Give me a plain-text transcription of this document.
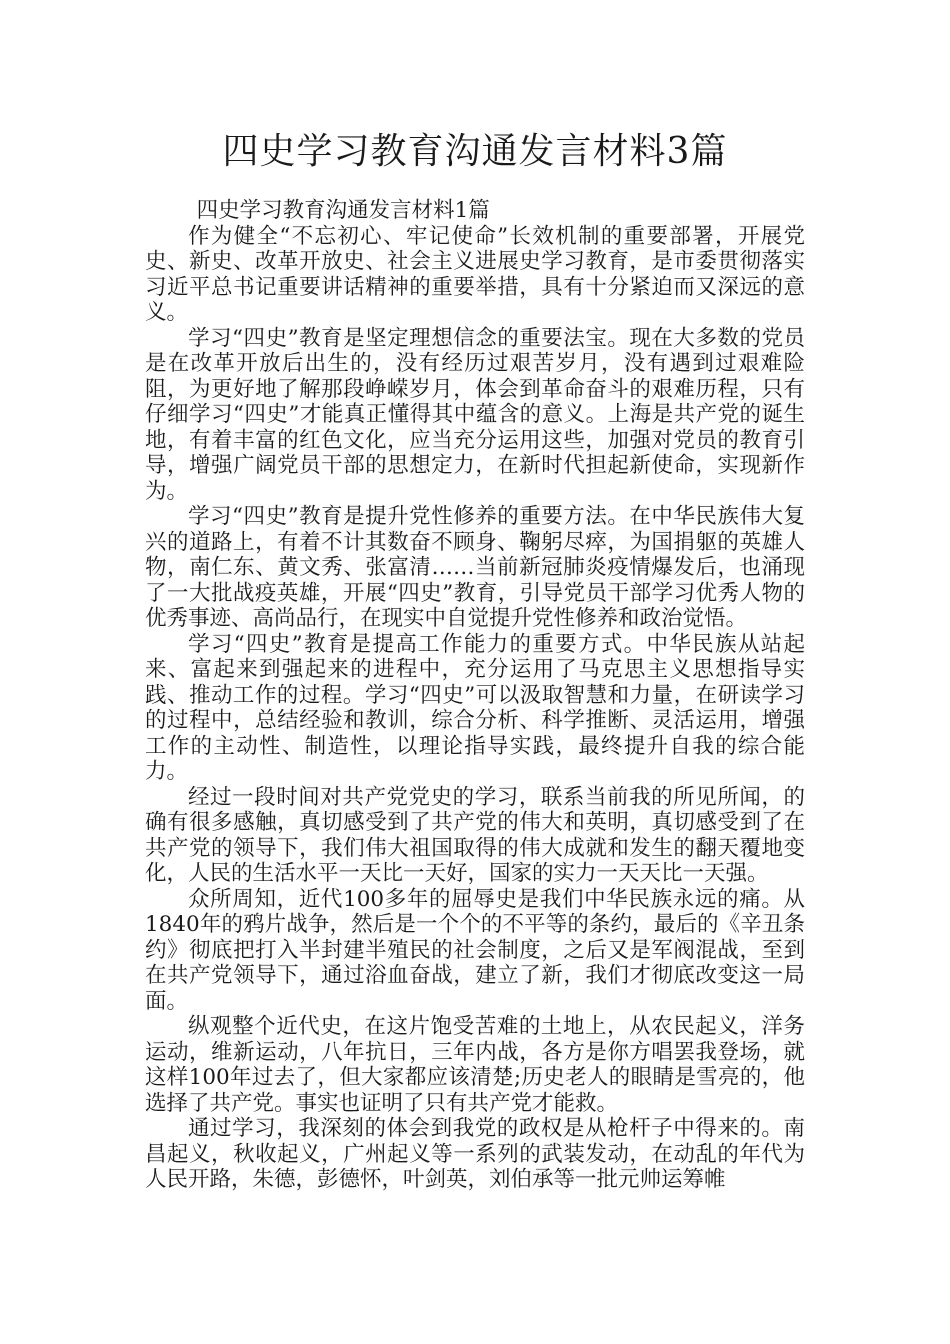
四史学习教育沟通发言材料3篇

四史学习教育沟通发言材料1篇

作为健全“不忘初心、牢记使命”长效机制的重要部署，开展党史、新史、改革开放史、社会主义进展史学习教育，是市委贯彻落实习近平总书记重要讲话精神的重要举措，具有十分紧迫而又深远的意义。

学习“四史”教育是坚定理想信念的重要法宝。现在大多数的党员是在改革开放后出生的，没有经历过艰苦岁月，没有遇到过艰难险阻，为更好地了解那段峥嵘岁月，体会到革命奋斗的艰难历程，只有仔细学习“四史”才能真正懂得其中蕴含的意义。上海是共产党的诞生地，有着丰富的红色文化，应当充分运用这些，加强对党员的教育引导，增强广阔党员干部的思想定力，在新时代担起新使命，实现新作为。

学习“四史”教育是提升党性修养的重要方法。在中华民族伟大复兴的道路上，有着不计其数奋不顾身、鞠躬尽瘁，为国捐躯的英雄人物，南仁东、黄文秀、张富清……当前新冠肺炎疫情爆发后，也涌现了一大批战疫英雄，开展“四史”教育，引导党员干部学习优秀人物的优秀事迹、高尚品行，在现实中自觉提升党性修养和政治觉悟。

学习“四史”教育是提高工作能力的重要方式。中华民族从站起来、富起来到强起来的进程中，充分运用了马克思主义思想指导实践、推动工作的过程。学习“四史”可以汲取智慧和力量，在研读学习的过程中，总结经验和教训，综合分析、科学推断、灵活运用，增强工作的主动性、制造性，以理论指导实践，最终提升自我的综合能力。

经过一段时间对共产党党史的学习，联系当前我的所见所闻，的确有很多感触，真切感受到了共产党的伟大和英明，真切感受到了在共产党的领导下，我们伟大祖国取得的伟大成就和发生的翻天覆地变化，人民的生活水平一天比一天好，国家的实力一天天比一天强。

众所周知，近代100多年的屈辱史是我们中华民族永远的痛。从1840年的鸦片战争，然后是一个个的不平等的条约，最后的《辛丑条约》彻底把打入半封建半殖民的社会制度，之后又是军阀混战，至到在共产党领导下，通过浴血奋战，建立了新，我们才彻底改变这一局面。

纵观整个近代史，在这片饱受苦难的土地上，从农民起义，洋务运动，维新运动，八年抗日，三年内战，各方是你方唱罢我登场，就这样100年过去了，但大家都应该清楚;历史老人的眼睛是雪亮的，他选择了共产党。事实也证明了只有共产党才能救。

通过学习，我深刻的体会到我党的政权是从枪杆子中得来的。南昌起义，秋收起义，广州起义等一系列的武装发动，在动乱的年代为人民开路，朱德，彭德怀，叶剑英，刘伯承等一批元帅运筹帷
